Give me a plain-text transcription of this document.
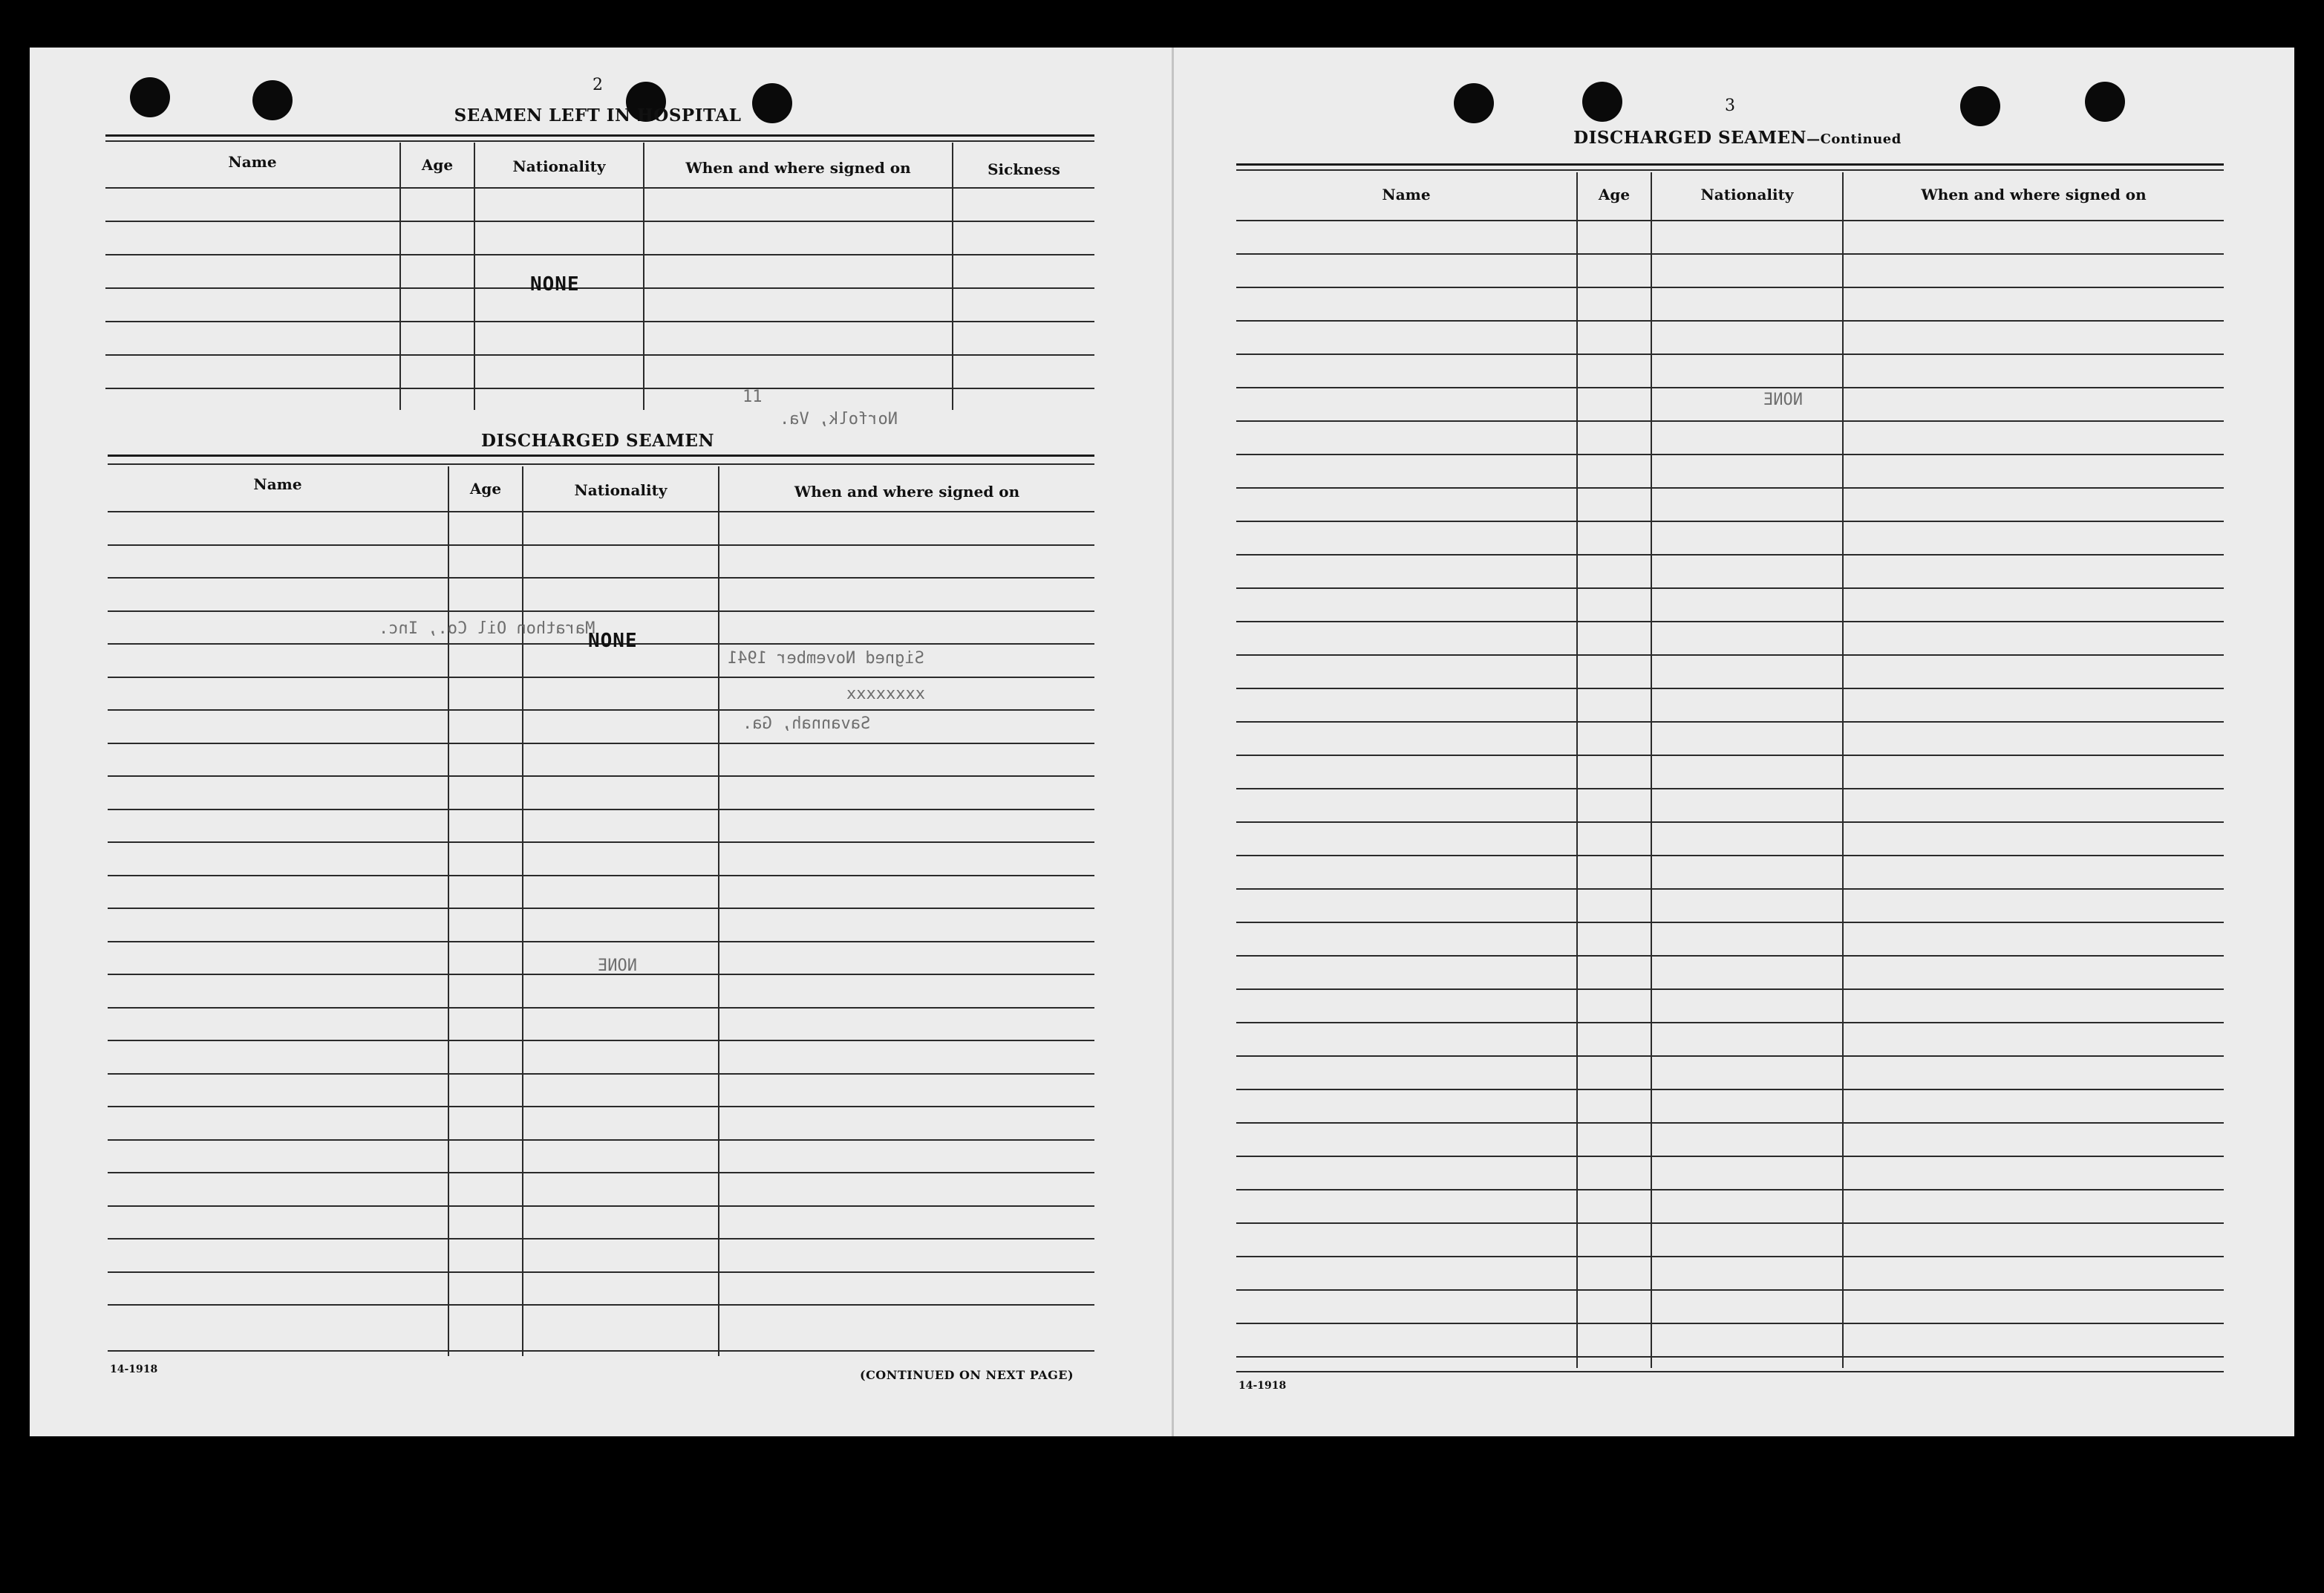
2
SEAMEN LEFT IN HOSPITAL
Name	Age	Nationality	When and where signed on	Sickness
NONE
Norfolk, Va.
11
DISCHARGED SEAMEN
Name	Age	Nationality	When and where signed on
NONE
Marathon Oil Co., Inc.
Signed November 1941
xxxxxxxx
Savannah, Ga.
NONE
14-1918	(CONTINUED ON NEXT PAGE)
3
DISCHARGED SEAMEN—Continued
Name	Age	Nationality	When and where signed on
NONE
14-1918
